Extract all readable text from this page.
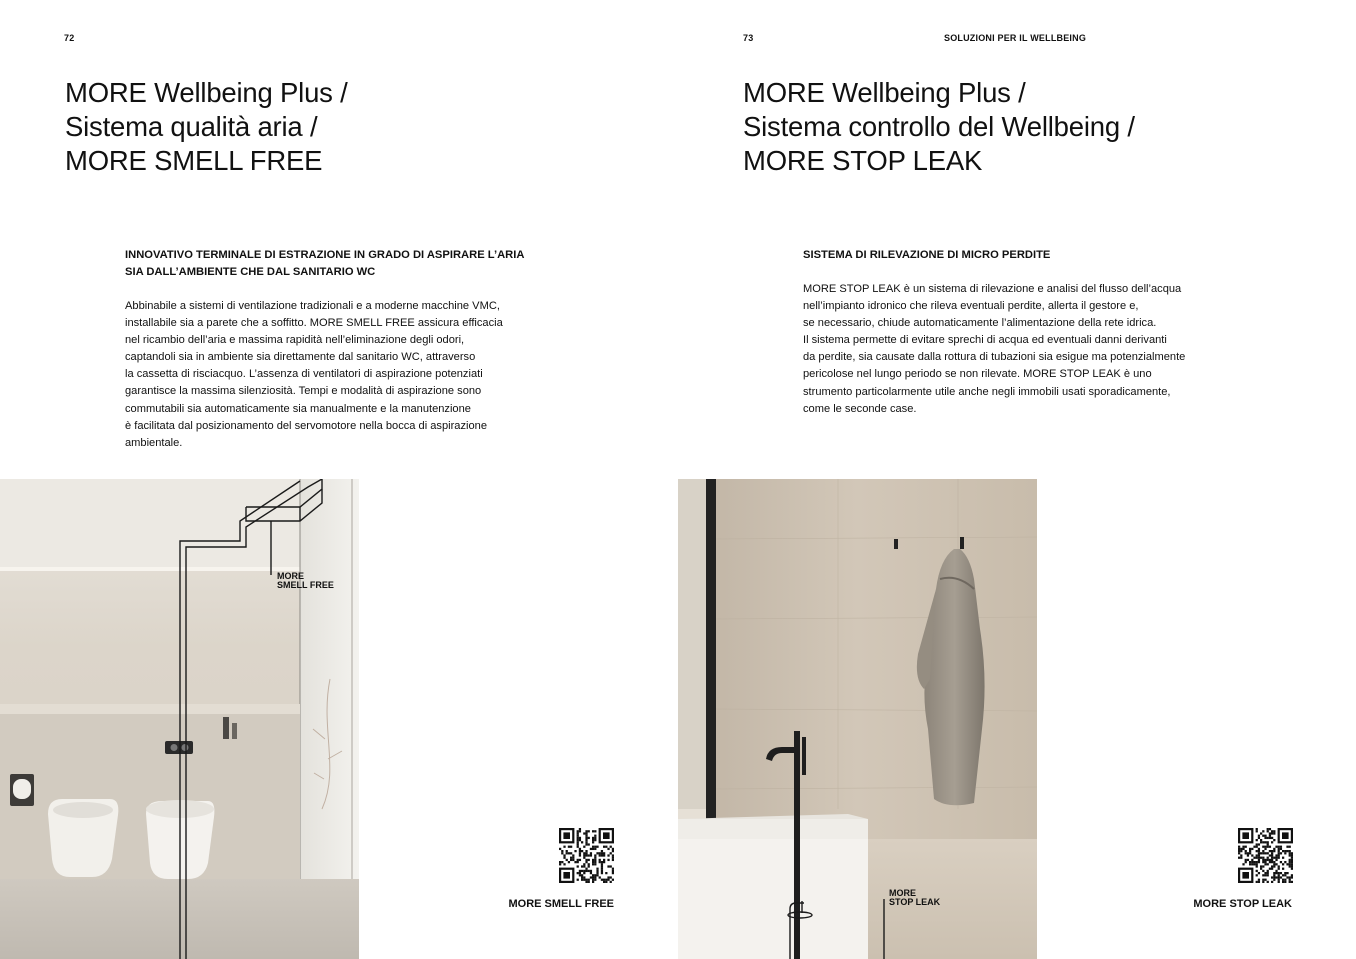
72
MORE Wellbeing Plus /
Sistema qualità aria /
MORE SMELL FREE
INNOVATIVO TERMINALE DI ESTRAZIONE IN GRADO DI ASPIRARE L’ARIA
SIA DALL’AMBIENTE CHE DAL SANITARIO WC

Abbinabile a sistemi di ventilazione tradizionali e a moderne macchine VMC,
installabile sia a parete che a soffitto. MORE SMELL FREE assicura efficacia
nel ricambio dell’aria e massima rapidità nell’eliminazione degli odori,
captandoli sia in ambiente sia direttamente dal sanitario WC, attraverso
la cassetta di risciacquo. L’assenza di ventilatori di aspirazione potenziati
garantisce la massima silenziosità. Tempi e modalità di aspirazione sono
commutabili sia automaticamente sia manualmente e la manutenzione
è facilitata dal posizionamento del servomotore nella bocca di aspirazione
ambientale.

MORE
SMELL FREE
MORE SMELL FREE
73	SOLUZIONI PER IL WELLBEING
MORE Wellbeing Plus /
Sistema controllo del Wellbeing /
MORE STOP LEAK
SISTEMA DI RILEVAZIONE DI MICRO PERDITE

MORE STOP LEAK è un sistema di rilevazione e analisi del flusso dell’acqua
nell’impianto idronico che rileva eventuali perdite, allerta il gestore e,
se necessario, chiude automaticamente l’alimentazione della rete idrica.
Il sistema permette di evitare sprechi di acqua ed eventuali danni derivanti
da perdite, sia causate dalla rottura di tubazioni sia esigue ma potenzialmente
pericolose nel lungo periodo se non rilevate. MORE STOP LEAK è uno
strumento particolarmente utile anche negli immobili usati sporadicamente,
come le seconde case.

MORE
STOP LEAK	MORE STOP LEAK
